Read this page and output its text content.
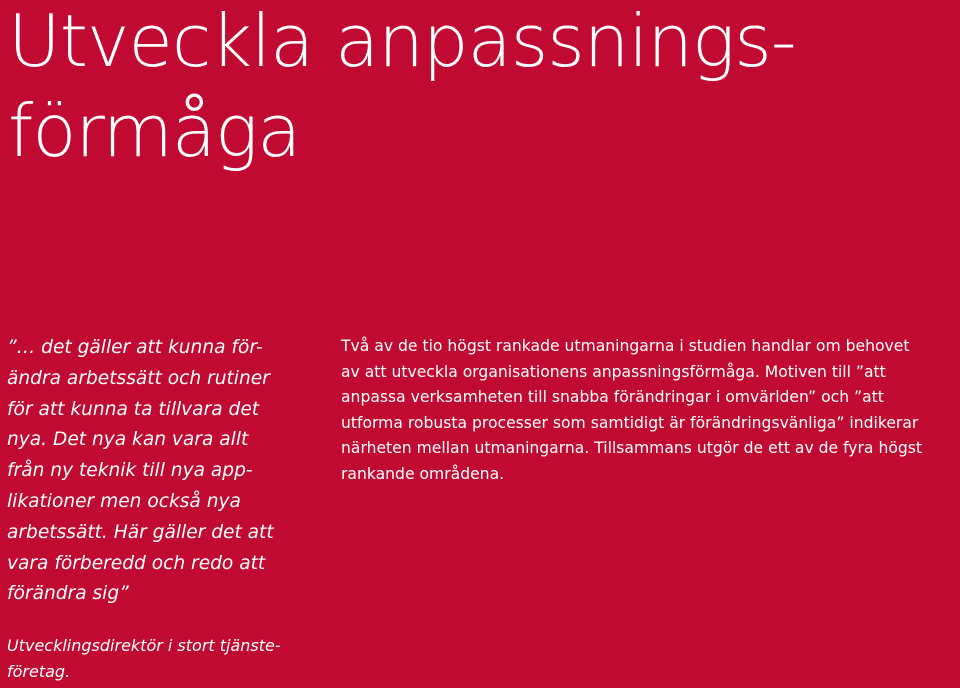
Utveckla anpassnings-
förmåga
”… det gäller att kunna för-
ändra arbetssätt och rutiner
för att kunna ta tillvara det
nya. Det nya kan vara allt
från ny teknik till nya app-
likationer men också nya
arbetssätt. Här gäller det att
vara förberedd och redo att
förändra sig”

Utvecklingsdirektör i stort tjänste-
företag.

Två av de tio högst rankade utmaningarna i studien handlar om behovet
av att utveckla organisationens anpassningsförmåga. Motiven till ”att
anpassa verksamheten till snabba förändringar i omvärlden” och ”att
utforma robusta processer som samtidigt är förändringsvänliga” indikerar
närheten mellan utmaningarna. Tillsammans utgör de ett av de fyra högst
rankande områdena.
